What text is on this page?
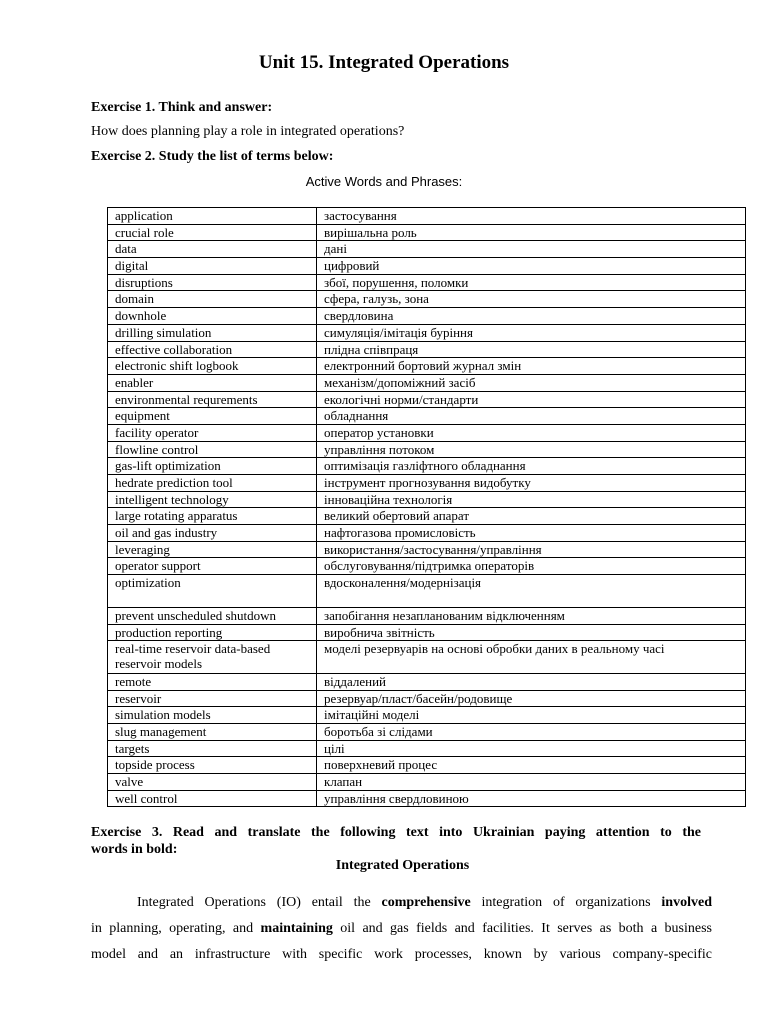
Unit 15. Integrated Operations
Exercise 1. Think and answer:
How does planning play a role in integrated operations?
Exercise 2. Study the list of terms below:
Active Words and Phrases:
application	застосування
crucial role	вирішальна роль
data	дані
digital	цифровий
disruptions	збої, порушення, поломки
domain	сфера, галузь, зона
downhole	свердловина
drilling simulation	симуляція/імітація буріння
effective collaboration	плідна співпраця
electronic shift logbook	електронний бортовий журнал змін
enabler	механізм/допоміжний засіб
environmental requrements	екологічні норми/стандарти
equipment	обладнання
facility operator	оператор установки
flowline control	управління потоком
gas-lift optimization	оптимізація газліфтного обладнання
hedrate prediction tool	інструмент прогнозування видобутку
intelligent technology	інноваційна технологія
large rotating apparatus	великий обертовий апарат
oil and gas industry	нафтогазова промисловість
leveraging	використання/застосування/управління
operator support	обслуговування/підтримка операторів
optimization	вдосконалення/модернізація
prevent unscheduled shutdown	запобігання незапланованим відключенням
production reporting	виробнича звітність
real-time reservoir data-based reservoir models	моделі резервуарів на основі обробки даних в реальному часі
remote	віддалений
reservoir	резервуар/пласт/басейн/родовище
simulation models	імітаційні моделі
slug management	боротьба зі слідами
targets	цілі
topside process	поверхневий процес
valve	клапан
well control	управління свердловиною
Exercise 3. Read and translate the following text into Ukrainian paying attention to the
words in bold:
Integrated Operations
Integrated Operations (IO) entail the comprehensive integration of organizations involved
in planning, operating, and maintaining oil and gas fields and facilities. It serves as both a business
model and an infrastructure with specific work processes, known by various company-specific
